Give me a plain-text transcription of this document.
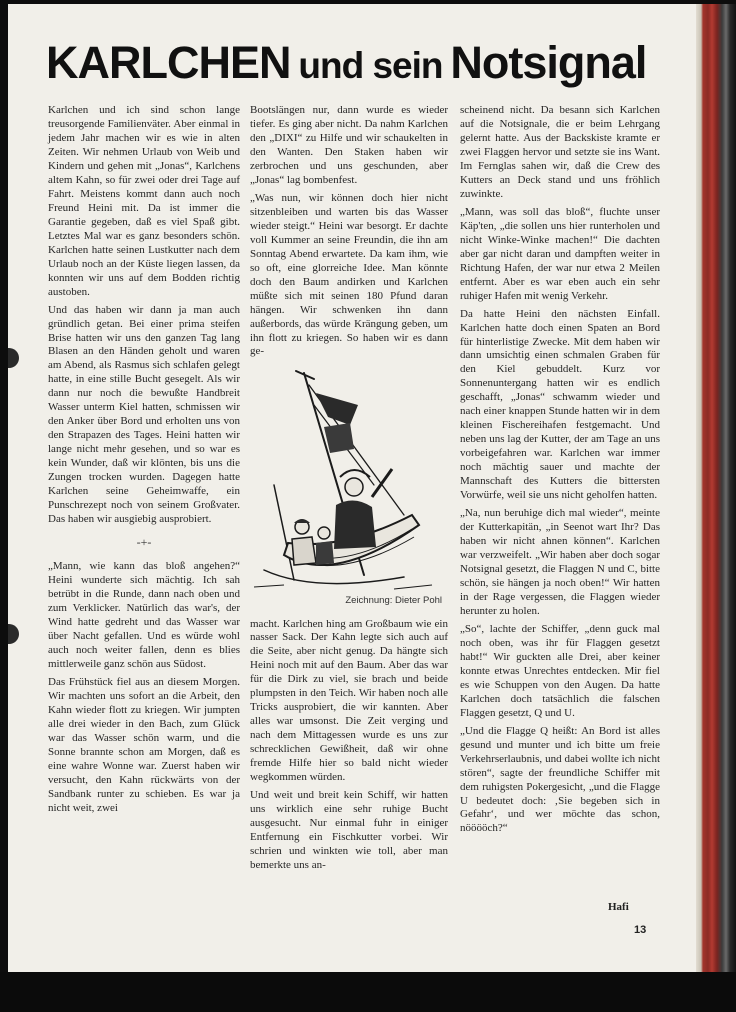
KARLCHEN und sein Notsignal

Karlchen und ich sind schon lange treusorgende Familienväter. Aber einmal in jedem Jahr machen wir es wie in alten Zeiten. Wir nehmen Urlaub von Weib und Kindern und gehen mit „Jonas“, Karlchens altem Kahn, so für zwei oder drei Tage auf Fahrt. Meistens kommt dann auch noch Freund Heini mit. Da ist immer die Garantie gegeben, daß es viel Spaß gibt. Letztes Mal war es ganz besonders schön. Karlchen hatte seinen Lustkutter nach dem Urlaub noch an der Küste liegen lassen, da konnten wir uns auf dem Bodden richtig austoben.

Und das haben wir dann ja man auch gründlich getan. Bei einer prima steifen Brise hatten wir uns den ganzen Tag lang Blasen an den Händen geholt und waren am Abend, als Rasmus sich schlafen gelegt hatte, in eine stille Bucht gesegelt. Als wir dann nur noch die bewußte Handbreit Wasser unterm Kiel hatten, schmissen wir den Anker über Bord und erholten uns von den Strapazen des Tages. Heini hatten wir lange nicht mehr gesehen, und so war es kein Wunder, daß wir klönten, bis uns die Zungen trocken wurden. Dagegen hatte Karlchen seine Geheimwaffe, ein Punschrezept noch von seinem Großvater. Das haben wir ausgiebig ausprobiert.

-+-

„Mann, wie kann das bloß angehen?“ Heini wunderte sich mächtig. Ich sah betrübt in die Runde, dann nach oben und zum Verklicker. Natürlich das war's, der Wind hatte gedreht und das Wasser war über Nacht gefallen. Und es würde wohl auch noch weiter fallen, denn es blies mittlerweile ganz schön aus Südost.

Das Frühstück fiel aus an diesem Morgen. Wir machten uns sofort an die Arbeit, den Kahn wieder flott zu kriegen. Wir jumpten alle drei wieder in den Bach, zum Glück war das Wasser schön warm, und die Sonne brannte schon am Morgen, daß es eine wahre Wonne war. Zuerst haben wir versucht, den Kahn rückwärts von der Sandbank runter zu schieben. Es war ja nicht weit, zwei

Bootslängen nur, dann wurde es wieder tiefer. Es ging aber nicht. Da nahm Karlchen den „DIXI“ zu Hilfe und wir schaukelten in den Wanten. Den Staken haben wir zerbrochen und uns geschunden, aber „Jonas“ lag bombenfest.

„Was nun, wir können doch hier nicht sitzenbleiben und warten bis das Wasser wieder steigt.“ Heini war besorgt. Er dachte voll Kummer an seine Freundin, die ihn am Sonntag Abend erwartete. Da kam ihm, wie so oft, eine glorreiche Idee. Man könnte doch den Baum andirken und Karlchen müßte sich mit seinen 180 Pfund daran hängen. Wir schwenken ihn dann außerbords, das würde Krängung geben, um ihn flott zu kriegen. So haben wir es dann ge-

Zeichnung: Dieter Pohl

macht. Karlchen hing am Großbaum wie ein nasser Sack. Der Kahn legte sich auch auf die Seite, aber nicht genug. Da hängte sich Heini noch mit auf den Baum. Aber das war für die Dirk zu viel, sie brach und beide plumpsten in den Teich. Wir haben noch alle Tricks ausprobiert, die wir kannten. Aber alles war umsonst. Die Zeit verging und nach dem Mittagessen wurde es uns zur schrecklichen Gewißheit, daß wir ohne fremde Hilfe hier so bald nicht wieder wegkommen würden.

Und weit und breit kein Schiff, wir hatten uns wirklich eine sehr ruhige Bucht ausgesucht. Nur einmal fuhr in einiger Entfernung ein Fischkutter vorbei. Wir schrien und winkten wie toll, aber man bemerkte uns an-

scheinend nicht. Da besann sich Karlchen auf die Notsignale, die er beim Lehrgang gelernt hatte. Aus der Backskiste kramte er zwei Flaggen hervor und setzte sie ins Want. Im Fernglas sahen wir, daß die Crew des Kutters an Deck stand und uns fröhlich zuwinkte.

„Mann, was soll das bloß“, fluchte unser Käp'ten, „die sollen uns hier runterholen und nicht Winke-Winke machen!“ Die dachten aber gar nicht daran und dampften weiter in Richtung Hafen, der war nur etwa 2 Meilen entfernt. Aber es war eben auch ein sehr ruhiger Hafen mit wenig Verkehr.

Da hatte Heini den nächsten Einfall. Karlchen hatte doch einen Spaten an Bord für hinterlistige Zwecke. Mit dem haben wir dann umsichtig einen schmalen Graben für den Kiel gebuddelt. Kurz vor Sonnenuntergang hatten wir es endlich geschafft, „Jonas“ schwamm wieder und nach einer knappen Stunde hatten wir in dem kleinen Fischereihafen festgemacht. Und neben uns lag der Kutter, der am Tage an uns vorbeigefahren war. Karlchen war immer noch mächtig sauer und machte der Mannschaft des Kutters die bittersten Vorwürfe, weil sie uns nicht geholfen hatten.

„Na, nun beruhige dich mal wieder“, meinte der Kutterkapitän, „in Seenot wart Ihr? Das haben wir nicht ahnen können“. Karlchen war verzweifelt. „Wir haben aber doch sogar Notsignal gesetzt, die Flaggen N und C, bitte schön, sie hängen ja noch oben!“ Wir hatten in der Rage vergessen, die Flaggen wieder herunter zu holen.

„So“, lachte der Schiffer, „denn guck mal noch oben, was ihr für Flaggen gesetzt habt!“ Wir guckten alle Drei, aber keiner konnte etwas Unrechtes entdecken. Mir fiel es wie Schuppen von den Augen. Da hatte Karlchen doch tatsächlich die falschen Flaggen gesetzt, Q und U.

„Und die Flagge Q heißt: An Bord ist alles gesund und munter und ich bitte um freie Verkehrserlaubnis, und dabei wollte ich nicht stören“, sagte der freundliche Schiffer mit dem ruhigsten Pokergesicht, „und die Flagge U bedeutet doch: ‚Sie begeben sich in Gefahr‘, und wer möchte das schon, nööööch?“

Hafi
13
